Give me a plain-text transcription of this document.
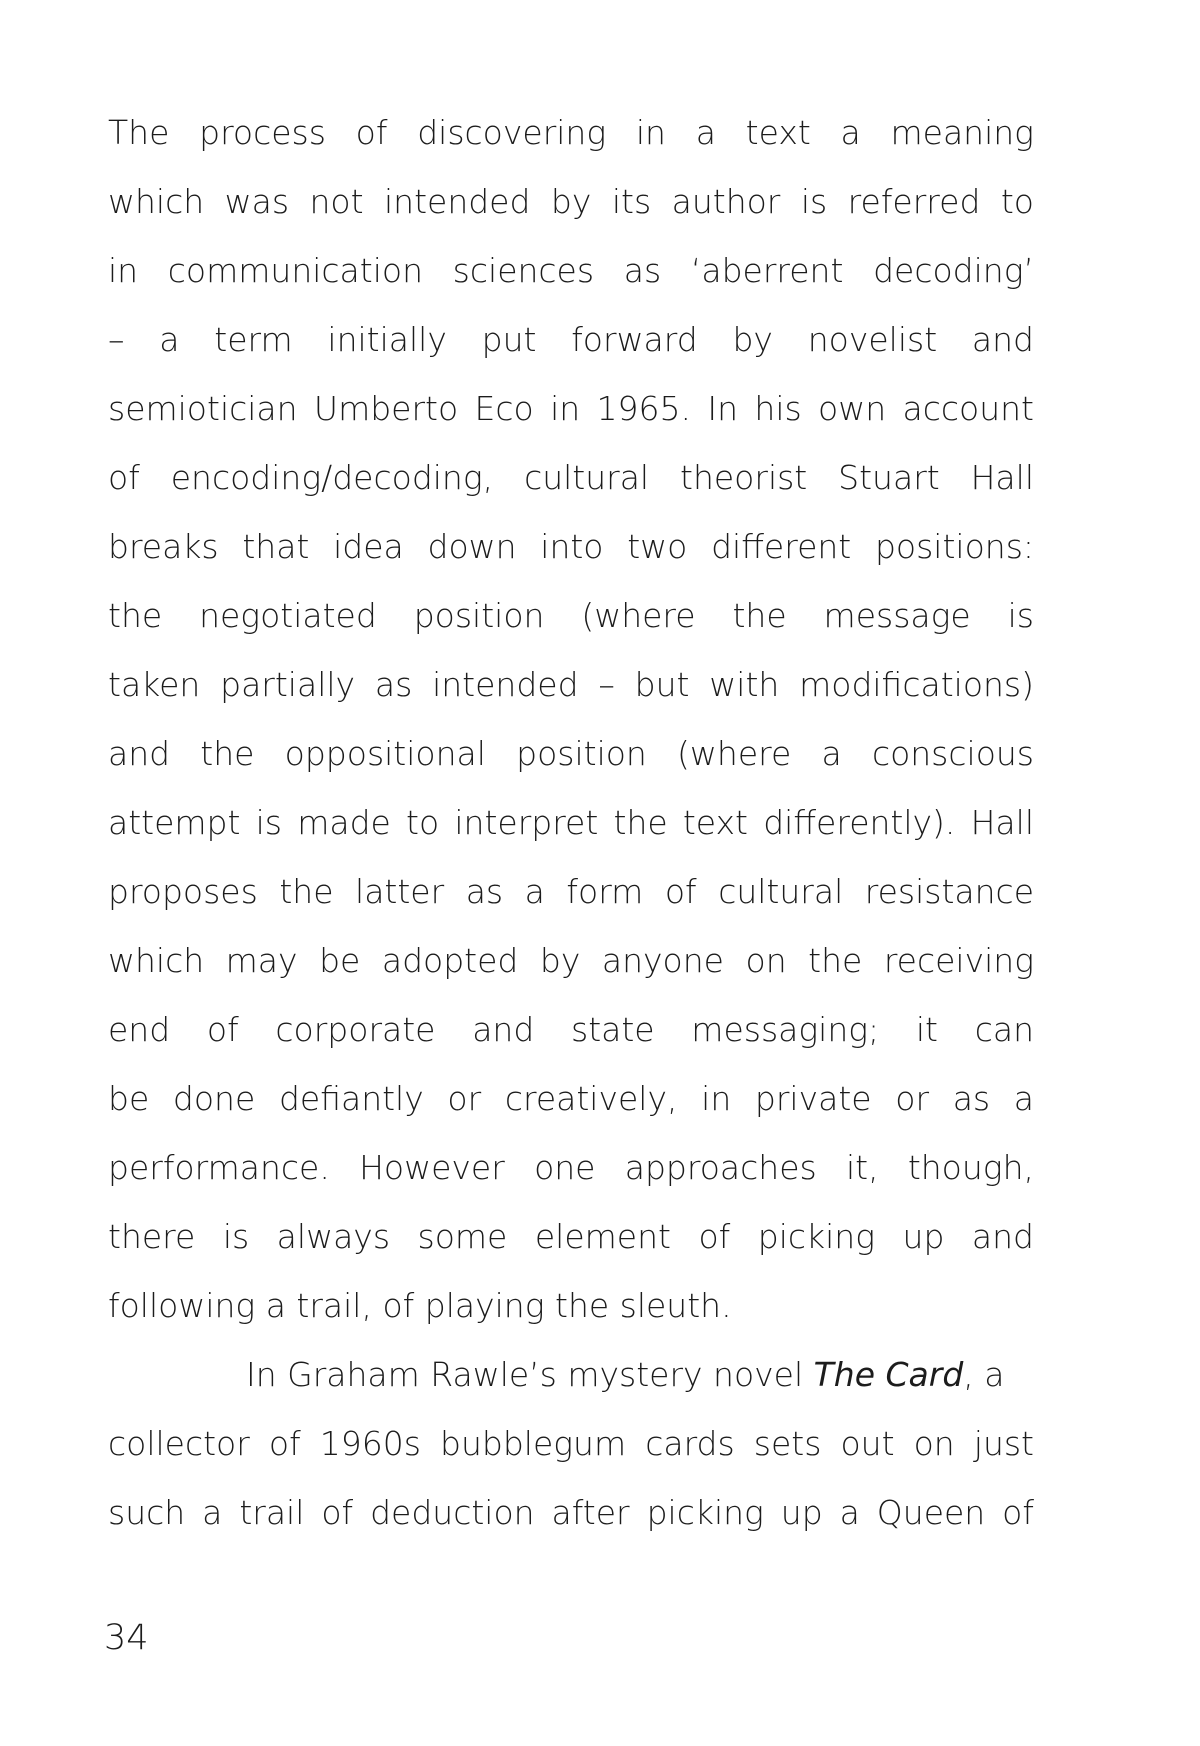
The process of discovering in a text a meaning
which was not intended by its author is referred to
in communication sciences as ‘aberrent decoding’
– a term initially put forward by novelist and
semiotician Umberto Eco in 1965. In his own account
of encoding/decoding, cultural theorist Stuart Hall
breaks that idea down into two different positions:
the negotiated position (where the message is
taken partially as intended – but with modifications)
and the oppositional position (where a conscious
attempt is made to interpret the text differently). Hall
proposes the latter as a form of cultural resistance
which may be adopted by anyone on the receiving
end of corporate and state messaging; it can
be done defiantly or creatively, in private or as a
performance. However one approaches it, though,
there is always some element of picking up and
following a trail, of playing the sleuth.
In Graham Rawle’s mystery novel The Card, a
collector of 1960s bubblegum cards sets out on just
such a trail of deduction after picking up a Queen of
34
